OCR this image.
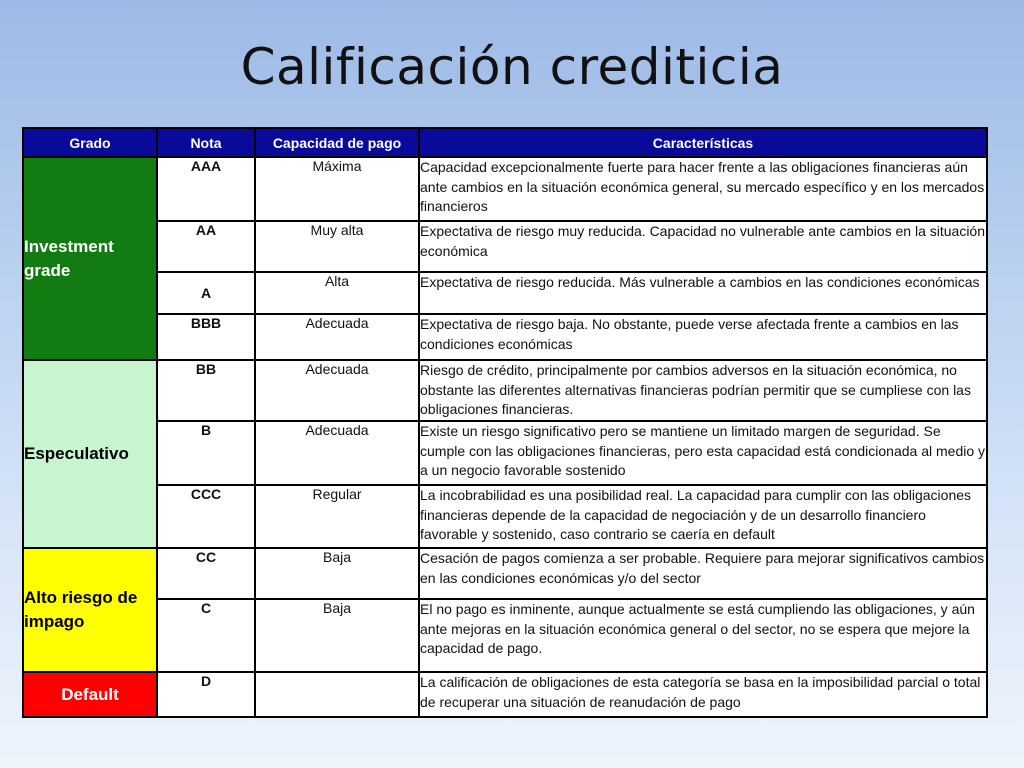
Calificación crediticia
Grado	Nota	Capacidad de pago	Características
Investment grade	AAA	Máxima	Capacidad excepcionalmente fuerte para hacer frente a las obligaciones financieras aún ante cambios en la situación económica general, su mercado específico y en los mercados financieros
	AA	Muy alta	Expectativa de riesgo muy reducida. Capacidad no vulnerable ante cambios en la situación económica
	A	Alta	Expectativa de riesgo reducida. Más vulnerable a cambios en las condiciones económicas
	BBB	Adecuada	Expectativa de riesgo baja. No obstante, puede verse afectada frente a cambios en las condiciones económicas
Especulativo	BB	Adecuada	Riesgo de crédito, principalmente por cambios adversos en la situación económica, no obstante las diferentes alternativas financieras podrían permitir que se cumpliese con las obligaciones financieras.
	B	Adecuada	Existe un riesgo significativo pero se mantiene un limitado margen de seguridad. Se cumple con las obligaciones financieras, pero esta capacidad está condicionada al medio y a un negocio favorable sostenido
	CCC	Regular	La incobrabilidad es una posibilidad real. La capacidad para cumplir con las obligaciones financieras depende de la capacidad de negociación y de un desarrollo financiero favorable y sostenido, caso contrario se caería en default
Alto riesgo de impago	CC	Baja	Cesación de pagos comienza a ser probable. Requiere para mejorar significativos cambios en las condiciones económicas y/o del sector
	C	Baja	El no pago es inminente, aunque actualmente se está cumpliendo las obligaciones, y aún ante mejoras en la situación económica general o del sector, no se espera que mejore la capacidad de pago.
Default	D		La calificación de obligaciones de esta categoría se basa en la imposibilidad parcial o total de recuperar una situación de reanudación de pago
